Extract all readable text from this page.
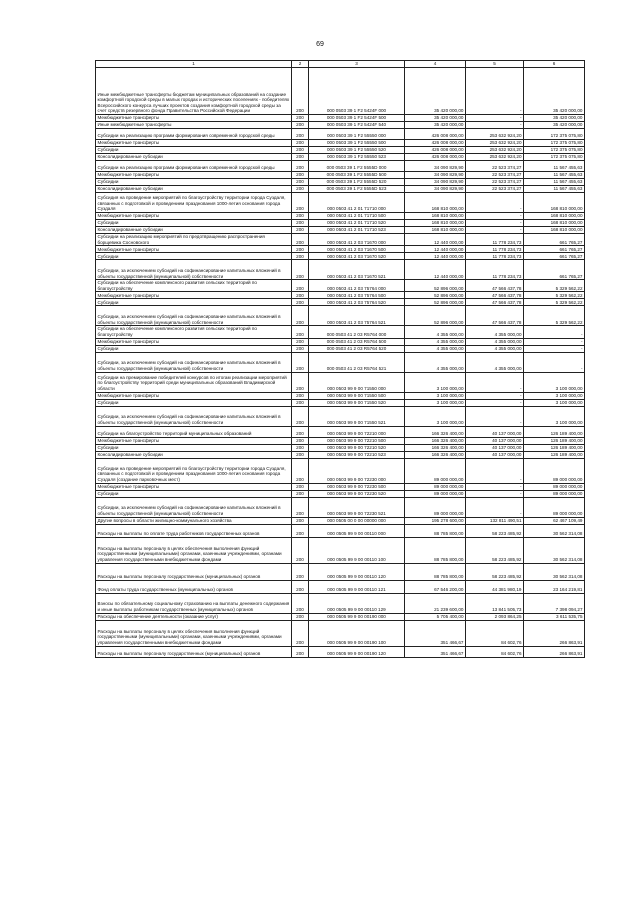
69
1	2	3	4	5	6
Иные межбюджетные трансферты бюджетам муниципальных образований на создание комфортной городской среды в малых городах и исторических поселениях - победителях Всероссийского конкурса лучших проектов создания комфортной городской среды за счет средств резервного фонда Правительства Российской Федерации	200	000 0503 39 1 F2 5424F 000	35 420 000,00	-	35 420 000,00
Межбюджетные трансферты	200	000 0503 39 1 F2 5424F 500	35 420 000,00	-	35 420 000,00
Иные межбюджетные трансферты	200	000 0503 39 1 F2 5424F 540	35 420 000,00	-	35 420 000,00
Субсидии на реализацию программ формирования современной городской среды	200	000 0503 39 1 F2 55550 000	426 008 000,00	253 632 924,20	172 375 075,80
Межбюджетные трансферты	200	000 0503 39 1 F2 55550 500	426 008 000,00	253 632 924,20	172 375 075,80
Субсидии	200	000 0503 39 1 F2 55550 520	426 008 000,00	253 632 924,20	172 375 075,80
Консолидированные субсидии	200	000 0503 39 1 F2 55550 523	426 008 000,00	253 632 924,20	172 375 075,80
Субсидии на реализацию программ формирования современной городской среды	200	000 0503 39 1 F2 5555D 000	34 090 829,90	22 523 374,27	11 567 455,63
Межбюджетные трансферты	200	000 0503 39 1 F2 5555D 500	34 090 829,90	22 523 374,27	11 567 455,63
Субсидии	200	000 0503 39 1 F2 5555D 520	34 090 829,90	22 523 374,27	11 567 455,63
Консолидированные субсидии	200	000 0503 39 1 F2 5555D 523	34 090 829,90	22 523 374,27	11 567 455,63
Субсидия на проведение мероприятий по благоустройству территории города Суздаля, связанных с подготовкой и проведением празднования 1000-летия основания города Суздаля	200	000 0503 41 2 01 71710 000	168 810 000,00	-	168 810 000,00
Межбюджетные трансферты	200	000 0503 41 2 01 71710 500	168 810 000,00	-	168 810 000,00
Субсидии	200	000 0503 41 2 01 71710 520	168 810 000,00	-	168 810 000,00
Консолидированные субсидии	200	000 0503 41 2 01 71710 523	168 810 000,00	-	168 810 000,00
Субсидии на реализацию мероприятий по предотвращению распространения борщевика Сосновского	200	000 0503 41 2 03 71670 000	12 440 000,00	11 778 234,73	661 765,27
Межбюджетные трансферты	200	000 0503 41 2 03 71670 500	12 440 000,00	11 778 234,73	661 765,27
Субсидии	200	000 0503 41 2 03 71670 520	12 440 000,00	11 778 234,73	661 765,27
Субсидии, за исключением субсидий на софинансирование капитальных вложений в объекты государственной (муниципальной) собственности	200	000 0503 41 2 03 71670 521	12 440 000,00	11 778 234,73	661 765,27
Субсидии на обеспечение комплексного развития сельских территорий по благоустройству	200	000 0503 41 2 03 75764 000	52 896 000,00	47 566 437,78	5 329 562,22
Межбюджетные трансферты	200	000 0503 41 2 03 75764 500	52 896 000,00	47 566 437,78	5 329 562,22
Субсидии	200	000 0503 41 2 03 75764 520	52 896 000,00	47 566 437,78	5 329 562,22
Субсидии, за исключением субсидий на софинансирование капитальных вложений в объекты государственной (муниципальной) собственности	200	000 0503 41 2 03 75764 521	52 896 000,00	47 566 437,78	5 329 562,22
Субсидии на обеспечение комплексного развития сельских территорий по благоустройству	200	000 0503 41 2 03 R5764 000	4 355 000,00	4 355 000,00	-
Межбюджетные трансферты	200	000 0503 41 2 03 R5764 500	4 355 000,00	4 355 000,00	-
Субсидии	200	000 0503 41 2 03 R5764 520	4 355 000,00	4 355 000,00	-
Субсидии, за исключением субсидий на софинансирование капитальных вложений в объекты государственной (муниципальной) собственности	200	000 0503 41 2 03 R5764 521	4 355 000,00	4 355 000,00	-
Субсидии на премирование победителей конкурсов по итогам реализации мероприятий по благоустройству территорий среди муниципальных образований Владимирской области	200	000 0503 99 9 00 71550 000	3 100 000,00	-	3 100 000,00
Межбюджетные трансферты	200	000 0503 99 9 00 71550 500	3 100 000,00	-	3 100 000,00
Субсидии	200	000 0503 99 9 00 71550 520	3 100 000,00	-	3 100 000,00
Субсидии, за исключением субсидий на софинансирование капитальных вложений в объекты государственной (муниципальной) собственности	200	000 0503 99 9 00 71550 521	3 100 000,00	-	3 100 000,00
Субсидии на благоустройство территорий муниципальных образований	200	000 0503 99 9 00 72210 000	166 326 400,00	40 137 000,00	126 189 400,00
Межбюджетные трансферты	200	000 0503 99 9 00 72210 500	166 326 400,00	40 137 000,00	126 189 400,00
Субсидии	200	000 0503 99 9 00 72210 520	166 326 400,00	40 137 000,00	126 189 400,00
Консолидированные субсидии	200	000 0503 99 9 00 72210 523	166 326 400,00	40 137 000,00	126 189 400,00
Субсидии на проведение мероприятий по благоустройству территории города Суздаля, связанных с подготовкой и проведением празднования 1000-летия основания города Суздаля (создание парковочных мест)	200	000 0503 99 9 00 72230 000	89 000 000,00	-	89 000 000,00
Межбюджетные трансферты	200	000 0503 99 9 00 72230 500	89 000 000,00	-	89 000 000,00
Субсидии	200	000 0503 99 9 00 72230 520	89 000 000,00	-	89 000 000,00
Субсидии, за исключением субсидий на софинансирование капитальных вложений в объекты государственной (муниципальной) собственности	200	000 0503 99 9 00 72230 521	89 000 000,00	-	89 000 000,00
Другие вопросы в области жилищно-коммунального хозяйства	200	000 0505 00 0 00 00000 000	195 278 600,00	132 811 490,51	62 467 109,49
Расходы на выплаты по оплате труда работников государственных органов	200	000 0505 99 9 00 00110 000	88 785 800,00	58 223 485,92	30 562 314,08
Расходы на выплаты персоналу в целях обеспечения выполнения функций государственными (муниципальными) органами, казенными учреждениями, органами управления государственными внебюджетными фондами	200	000 0505 99 9 00 00110 100	88 785 800,00	58 223 485,92	30 562 314,08
Расходы на выплаты персоналу государственных (муниципальных) органов	200	000 0505 99 9 00 00110 120	88 785 800,00	58 223 485,92	30 562 314,08
Фонд оплаты труда государственных (муниципальных) органов	200	000 0505 99 9 00 00110 121	67 546 200,00	44 381 980,19	23 164 219,81
Взносы по обязательному социальному страхованию на выплаты денежного содержания и иные выплаты работникам государственных (муниципальных) органов	200	000 0505 99 9 00 00110 129	21 239 600,00	13 841 505,73	7 398 094,27
Расходы на обеспечение деятельности (оказание услуг)	200	000 0505 99 9 00 00190 000	5 705 400,00	2 093 864,25	3 611 535,75
Расходы на выплаты персоналу в целях обеспечения выполнения функций государственными (муниципальными) органами, казенными учреждениями, органами управления государственными внебюджетными фондами	200	000 0505 99 9 00 00190 100	351 466,67	84 602,76	266 863,91
Расходы на выплаты персоналу государственных (муниципальных) органов	200	000 0505 99 9 00 00190 120	351 466,67	84 602,76	266 863,91
